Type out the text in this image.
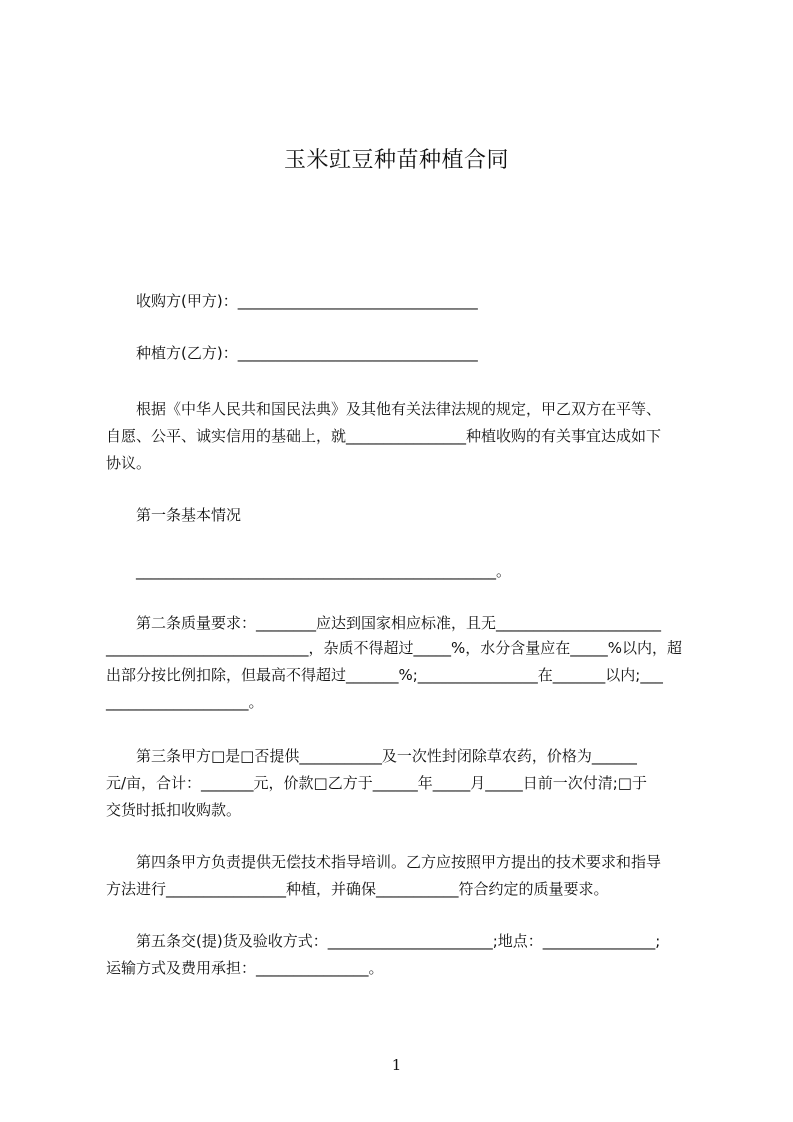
玉米豇豆种苗种植合同
收购方(甲方)：________________________________
种植方(乙方)：________________________________
根据《中华人民共和国民法典》及其他有关法律法规的规定，甲乙双方在平等、
自愿、公平、诚实信用的基础上，就________________种植收购的有关事宜达成如下
协议。
第一条基本情况
________________________________________________。
第二条质量要求：________应达到国家相应标准，且无______________________
___________________________，杂质不得超过_____%，水分含量应在_____%以内，超
出部分按比例扣除，但最高不得超过_______%;________________在_______以内;___
___________________。
第三条甲方□是□否提供___________及一次性封闭除草农药，价格为______
元/亩，合计：_______元，价款□乙方于______年_____月_____日前一次付清;□于
交货时抵扣收购款。
第四条甲方负责提供无偿技术指导培训。乙方应按照甲方提出的技术要求和指导
方法进行________________种植，并确保___________符合约定的质量要求。
第五条交(提)货及验收方式：______________________;地点：_______________;
运输方式及费用承担：_______________。
1
